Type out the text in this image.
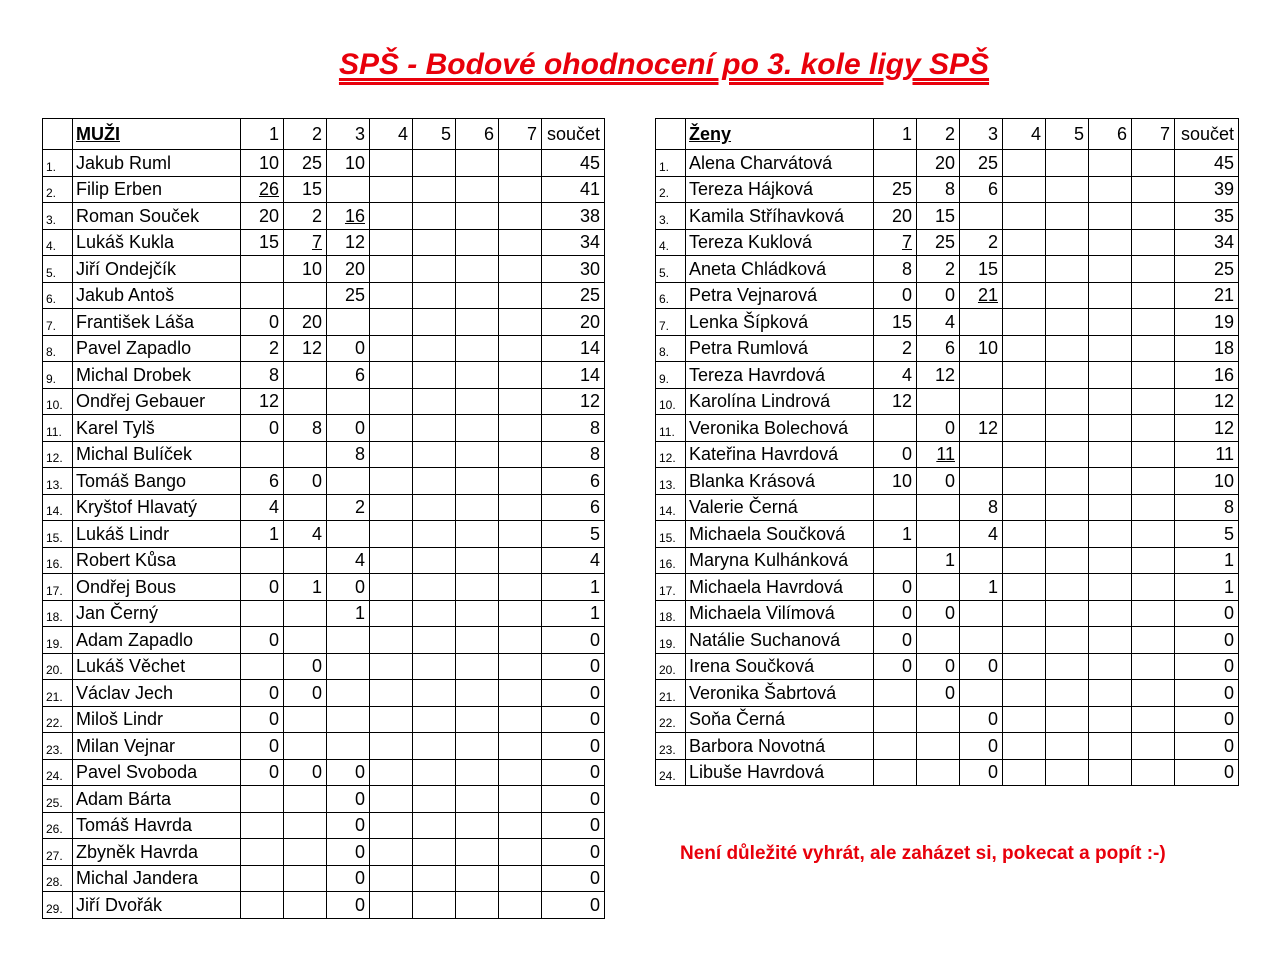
SPŠ - Bodové ohodnocení po 3. kole ligy SPŠ
	MUŽI	1	2	3	4	5	6	7	součet
1.	Jakub Ruml	10	25	10					45
2.	Filip Erben	26	15						41
3.	Roman Souček	20	2	16					38
4.	Lukáš Kukla	15	7	12					34
5.	Jiří Ondejčík		10	20					30
6.	Jakub Antoš			25					25
7.	František Láša	0	20						20
8.	Pavel Zapadlo	2	12	0					14
9.	Michal Drobek	8		6					14
10.	Ondřej Gebauer	12							12
11.	Karel Tylš	0	8	0					8
12.	Michal Bulíček			8					8
13.	Tomáš Bango	6	0						6
14.	Kryštof Hlavatý	4		2					6
15.	Lukáš Lindr	1	4						5
16.	Robert Kůsa			4					4
17.	Ondřej Bous	0	1	0					1
18.	Jan Černý			1					1
19.	Adam Zapadlo	0							0
20.	Lukáš Věchet		0						0
21.	Václav Jech	0	0						0
22.	Miloš Lindr	0							0
23.	Milan Vejnar	0							0
24.	Pavel Svoboda	0	0	0					0
25.	Adam Bárta			0					0
26.	Tomáš Havrda			0					0
27.	Zbyněk Havrda			0					0
28.	Michal Jandera			0					0
29.	Jiří Dvořák			0					0
	Ženy	1	2	3	4	5	6	7	součet
1.	Alena Charvátová		20	25					45
2.	Tereza Hájková	25	8	6					39
3.	Kamila Stříhavková	20	15						35
4.	Tereza Kuklová	7	25	2					34
5.	Aneta Chládková	8	2	15					25
6.	Petra Vejnarová	0	0	21					21
7.	Lenka Šípková	15	4						19
8.	Petra Rumlová	2	6	10					18
9.	Tereza Havrdová	4	12						16
10.	Karolína Lindrová	12							12
11.	Veronika Bolechová		0	12					12
12.	Kateřina Havrdová	0	11						11
13.	Blanka Krásová	10	0						10
14.	Valerie Černá			8					8
15.	Michaela Součková	1		4					5
16.	Maryna Kulhánková		1						1
17.	Michaela Havrdová	0		1					1
18.	Michaela Vilímová	0	0						0
19.	Natálie Suchanová	0							0
20.	Irena Součková	0	0	0					0
21.	Veronika Šabrtová		0						0
22.	Soňa Černá			0					0
23.	Barbora Novotná			0					0
24.	Libuše Havrdová			0					0
Není důležité vyhrát, ale zaházet si, pokecat a popít :-)
